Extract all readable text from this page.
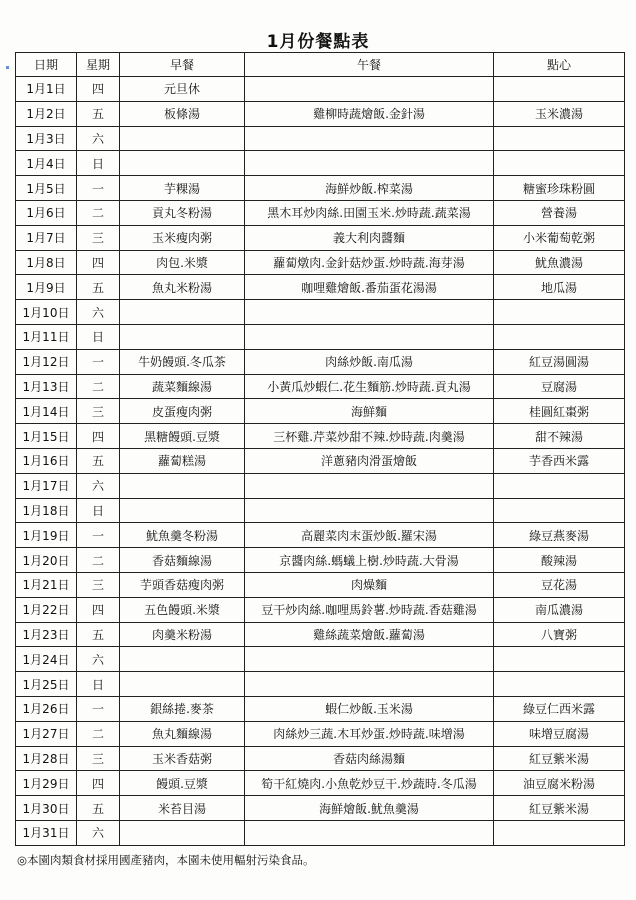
1月份餐點表
日期	星期	早餐	午餐	點心
1月1日	四	元旦休		
1月2日	五	板條湯	雞柳時蔬燴飯.金針湯	玉米濃湯
1月3日	六			
1月4日	日			
1月5日	一	芋粿湯	海鮮炒飯.榨菜湯	糖蜜珍珠粉圓
1月6日	二	貢丸冬粉湯	黑木耳炒肉絲.田園玉米.炒時蔬.蔬菜湯	營養湯
1月7日	三	玉米瘦肉粥	義大利肉醬麵	小米葡萄乾粥
1月8日	四	肉包.米漿	蘿蔔燉肉.金針菇炒蛋.炒時蔬.海芽湯	魷魚濃湯
1月9日	五	魚丸米粉湯	咖哩雞燴飯.番茄蛋花湯湯	地瓜湯
1月10日	六			
1月11日	日			
1月12日	一	牛奶饅頭.冬瓜茶	肉絲炒飯.南瓜湯	紅豆湯圓湯
1月13日	二	蔬菜麵線湯	小黃瓜炒蝦仁.花生麵筋.炒時蔬.貢丸湯	豆腐湯
1月14日	三	皮蛋瘦肉粥	海鮮麵	桂圓紅棗粥
1月15日	四	黑糖饅頭.豆漿	三杯雞.芹菜炒甜不辣.炒時蔬.肉羹湯	甜不辣湯
1月16日	五	蘿蔔糕湯	洋蔥豬肉滑蛋燴飯	芋香西米露
1月17日	六			
1月18日	日			
1月19日	一	魷魚羹冬粉湯	高麗菜肉末蛋炒飯.羅宋湯	綠豆燕麥湯
1月20日	二	香菇麵線湯	京醬肉絲.螞蟻上樹.炒時蔬.大骨湯	酸辣湯
1月21日	三	芋頭香菇瘦肉粥	肉燥麵	豆花湯
1月22日	四	五色饅頭.米漿	豆干炒肉絲.咖哩馬鈴薯.炒時蔬.香菇雞湯	南瓜濃湯
1月23日	五	肉羹米粉湯	雞絲蔬菜燴飯.蘿蔔湯	八寶粥
1月24日	六			
1月25日	日			
1月26日	一	銀絲捲.麥茶	蝦仁炒飯.玉米湯	綠豆仁西米露
1月27日	二	魚丸麵線湯	肉絲炒三蔬.木耳炒蛋.炒時蔬.味增湯	味增豆腐湯
1月28日	三	玉米香菇粥	香菇肉絲湯麵	紅豆紫米湯
1月29日	四	饅頭.豆漿	筍干紅燒肉.小魚乾炒豆干.炒蔬時.冬瓜湯	油豆腐米粉湯
1月30日	五	米苔目湯	海鮮燴飯.魷魚羹湯	紅豆紫米湯
1月31日	六			
◎本園肉類食材採用國產豬肉，本園未使用輻射污染食品。
